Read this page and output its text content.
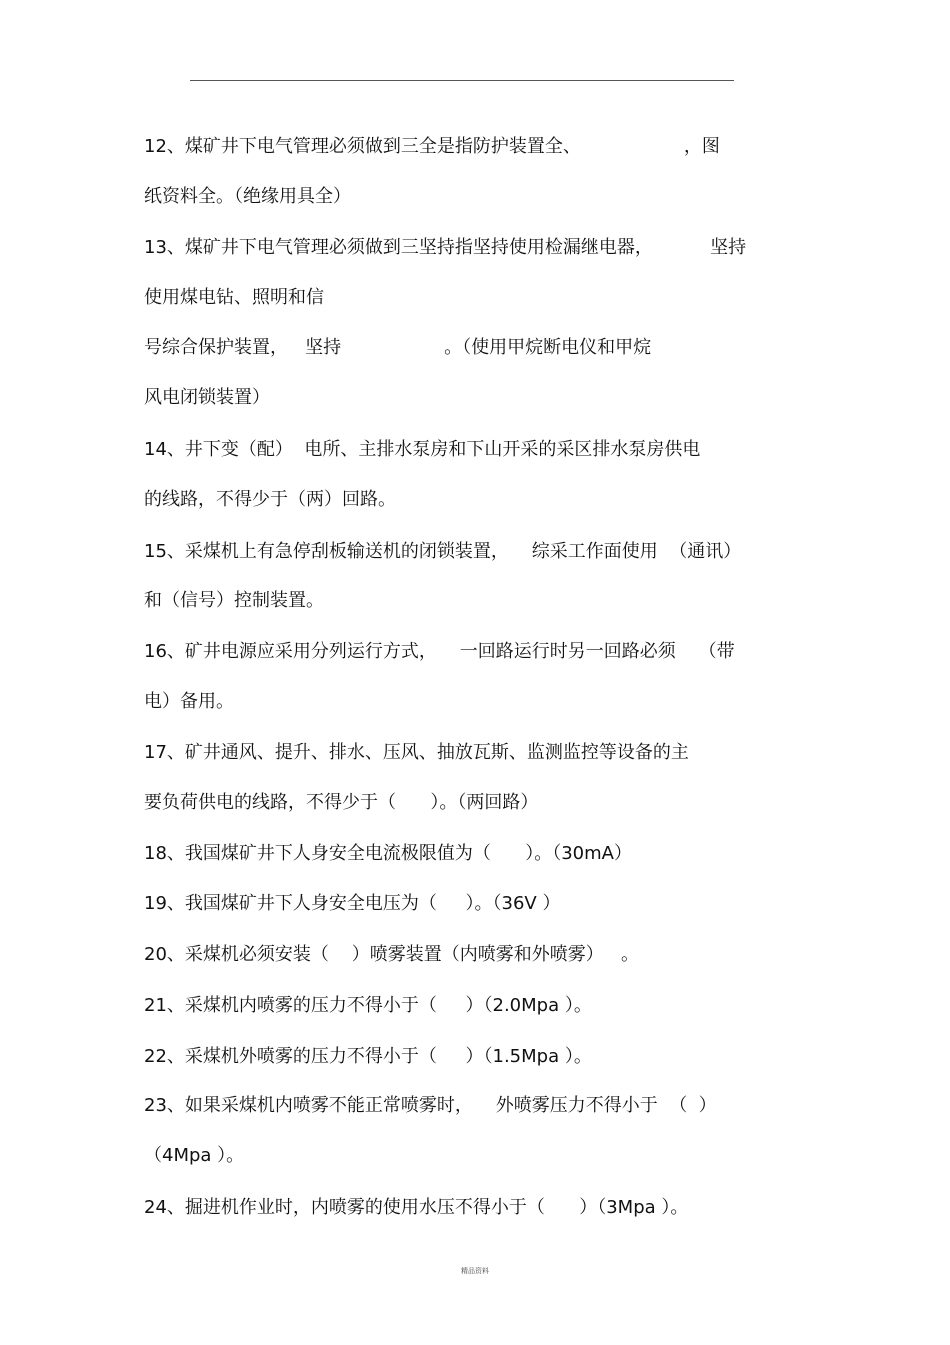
12、煤矿井下电气管理必须做到三全是指防护装置全、                  ，图
纸资料全。（绝缘用具全）
13、煤矿井下电气管理必须做到三坚持指坚持使用检漏继电器，          坚持
使用煤电钻、照明和信
号综合保护装置，   坚持                  。（使用甲烷断电仪和甲烷
风电闭锁装置）
14、井下变（配）  电所、主排水泵房和下山开采的采区排水泵房供电
的线路，不得少于（两）回路。
15、采煤机上有急停刮板输送机的闭锁装置，    综采工作面使用  （通讯）
和（信号）控制装置。
16、矿井电源应采用分列运行方式，    一回路运行时另一回路必须    （带
电）备用。
17、矿井通风、提升、排水、压风、抽放瓦斯、监测监控等设备的主
要负荷供电的线路，不得少于（      ）。（两回路）
18、我国煤矿井下人身安全电流极限值为（      ）。（30mA）
19、我国煤矿井下人身安全电压为（     ）。（36V ）
20、采煤机必须安装（    ）喷雾装置（内喷雾和外喷雾）   。
21、采煤机内喷雾的压力不得小于（     ）（2.0Mpa ）。
22、采煤机外喷雾的压力不得小于（     ）（1.5Mpa ）。
23、如果采煤机内喷雾不能正常喷雾时，    外喷雾压力不得小于  （  ）
（4Mpa ）。
24、掘进机作业时，内喷雾的使用水压不得小于（      ）（3Mpa ）。
精品资料
